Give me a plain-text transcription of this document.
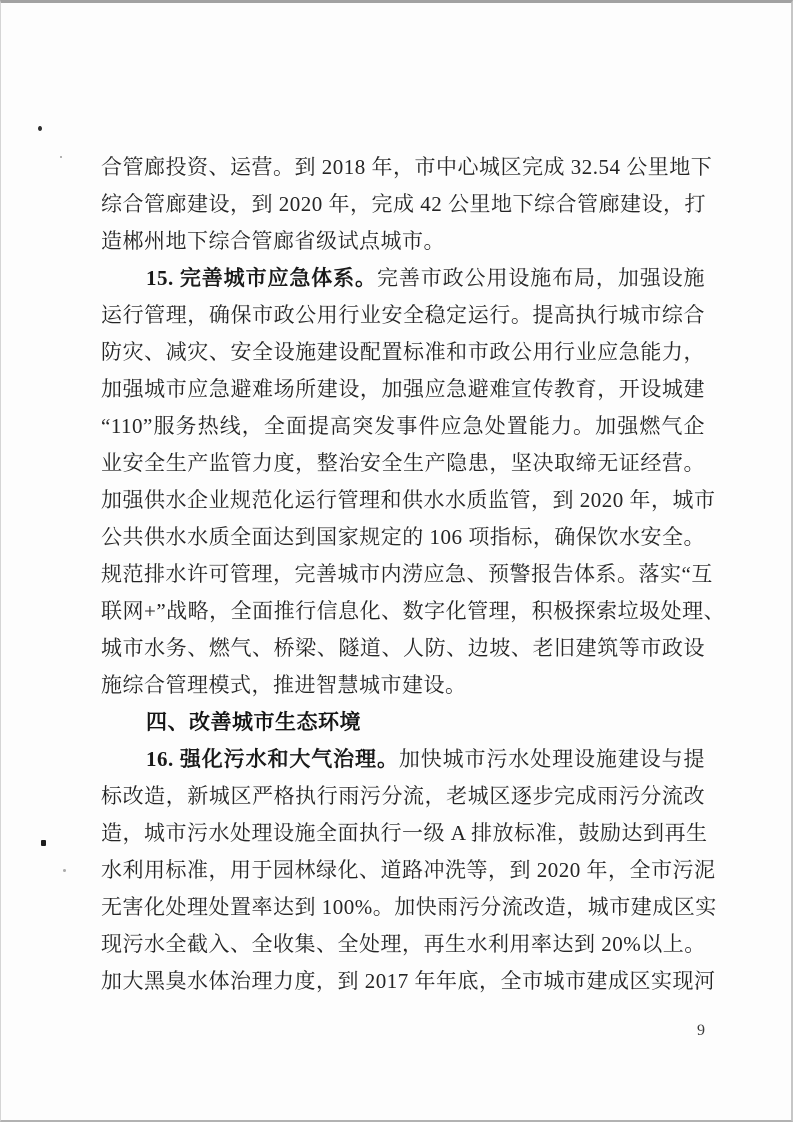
合管廊投资、运营。到 2018 年，市中心城区完成 32.54 公里地下
综合管廊建设，到 2020 年，完成 42 公里地下综合管廊建设，打
造郴州地下综合管廊省级试点城市。
15. 完善城市应急体系。完善市政公用设施布局，加强设施
运行管理，确保市政公用行业安全稳定运行。提高执行城市综合
防灾、减灾、安全设施建设配置标准和市政公用行业应急能力，
加强城市应急避难场所建设，加强应急避难宣传教育，开设城建
“110”服务热线，全面提高突发事件应急处置能力。加强燃气企
业安全生产监管力度，整治安全生产隐患，坚决取缔无证经营。
加强供水企业规范化运行管理和供水水质监管，到 2020 年，城市
公共供水水质全面达到国家规定的 106 项指标，确保饮水安全。
规范排水许可管理，完善城市内涝应急、预警报告体系。落实“互
联网+”战略，全面推行信息化、数字化管理，积极探索垃圾处理、
城市水务、燃气、桥梁、隧道、人防、边坡、老旧建筑等市政设
施综合管理模式，推进智慧城市建设。
四、改善城市生态环境
16. 强化污水和大气治理。加快城市污水处理设施建设与提
标改造，新城区严格执行雨污分流，老城区逐步完成雨污分流改
造，城市污水处理设施全面执行一级 A 排放标准，鼓励达到再生
水利用标准，用于园林绿化、道路冲洗等，到 2020 年，全市污泥
无害化处理处置率达到 100%。加快雨污分流改造，城市建成区实
现污水全截入、全收集、全处理，再生水利用率达到 20%以上。
加大黑臭水体治理力度，到 2017 年年底，全市城市建成区实现河
9
